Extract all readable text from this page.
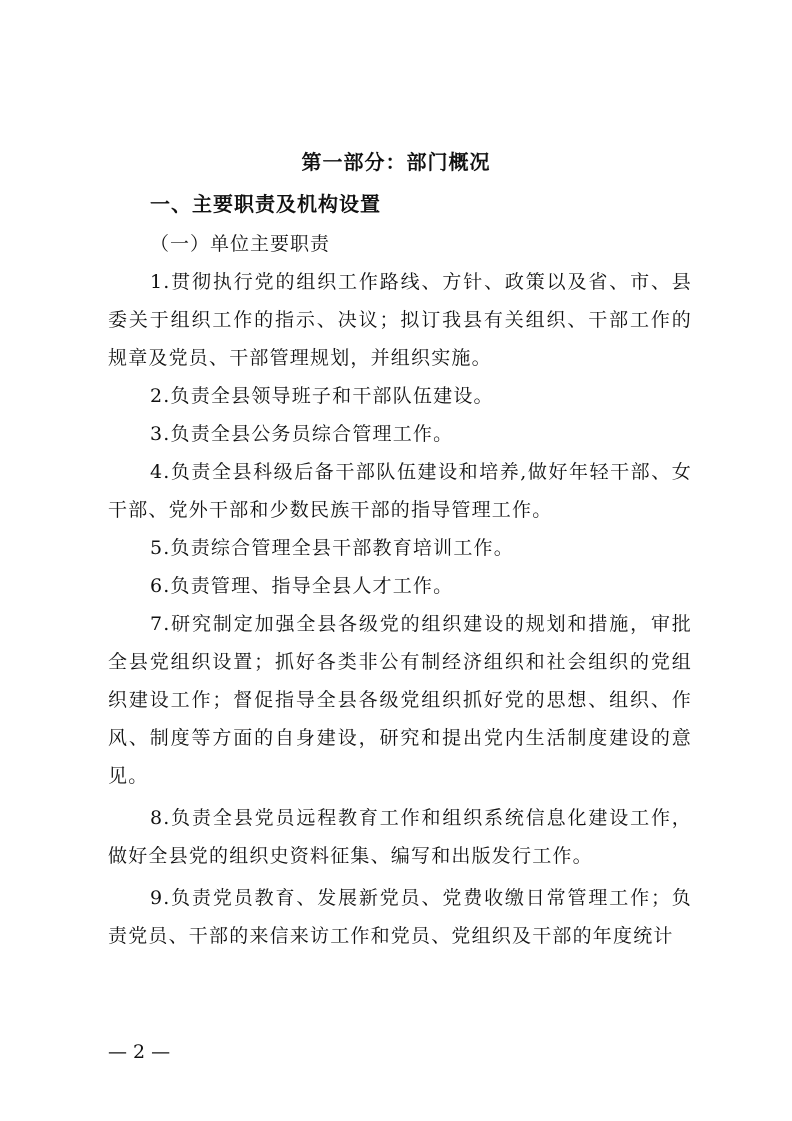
第一部分：部门概况
一、主要职责及机构设置
（一）单位主要职责
1.贯彻执行党的组织工作路线、方针、政策以及省、市、县委关于组织工作的指示、决议；拟订我县有关组织、干部工作的规章及党员、干部管理规划，并组织实施。
2.负责全县领导班子和干部队伍建设。
3.负责全县公务员综合管理工作。
4.负责全县科级后备干部队伍建设和培养,做好年轻干部、女干部、党外干部和少数民族干部的指导管理工作。
5.负责综合管理全县干部教育培训工作。
6.负责管理、指导全县人才工作。
7.研究制定加强全县各级党的组织建设的规划和措施，审批全县党组织设置；抓好各类非公有制经济组织和社会组织的党组织建设工作；督促指导全县各级党组织抓好党的思想、组织、作风、制度等方面的自身建设，研究和提出党内生活制度建设的意见。
8.负责全县党员远程教育工作和组织系统信息化建设工作，做好全县党的组织史资料征集、编写和出版发行工作。
9.负责党员教育、发展新党员、党费收缴日常管理工作；负责党员、干部的来信来访工作和党员、党组织及干部的年度统计
— 2 —
